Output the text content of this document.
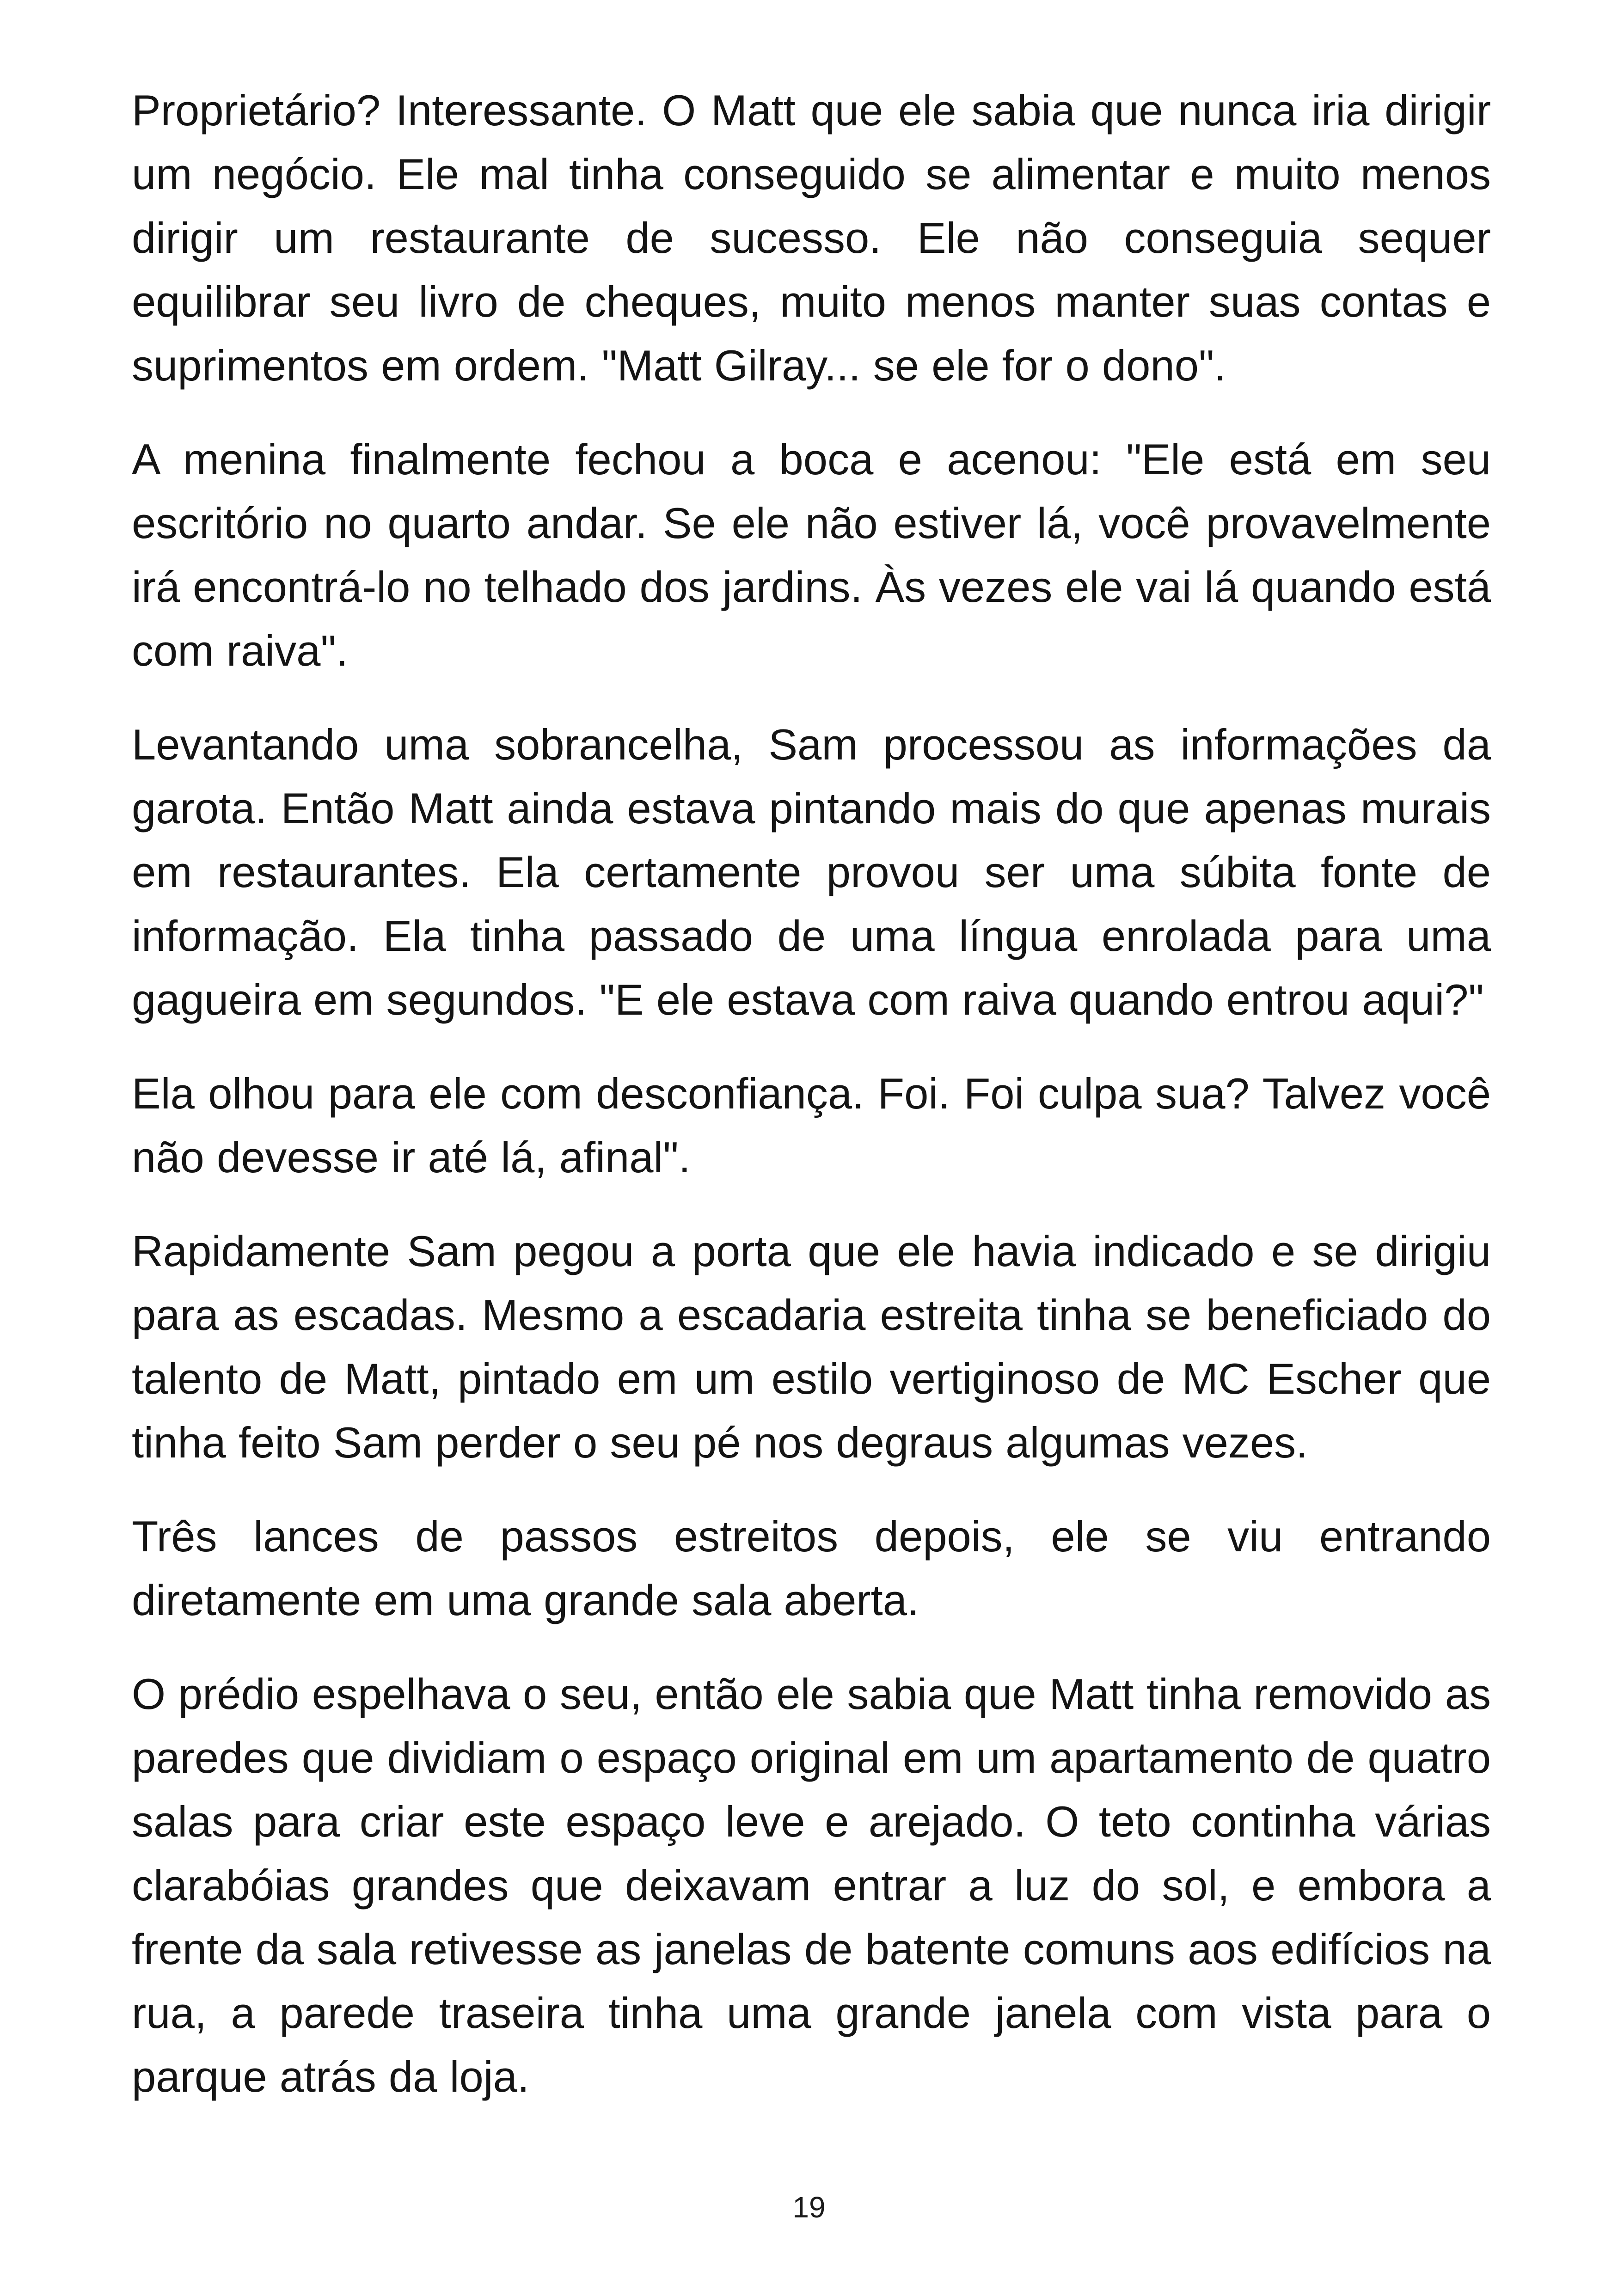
Proprietário? Interessante. O Matt que ele sabia que nunca iria dirigir um negócio. Ele mal tinha conseguido se alimentar e muito menos dirigir um restaurante de sucesso. Ele não conseguia sequer equilibrar seu livro de cheques, muito menos manter suas contas e suprimentos em ordem. "Matt Gilray... se ele for o dono".

A menina finalmente fechou a boca e acenou: "Ele está em seu escritório no quarto andar. Se ele não estiver lá, você provavelmente irá encontrá-lo no telhado dos jardins. Às vezes ele vai lá quando está com raiva".

Levantando uma sobrancelha, Sam processou as informações da garota. Então Matt ainda estava pintando mais do que apenas murais em restaurantes. Ela certamente provou ser uma súbita fonte de informação. Ela tinha passado de uma língua enrolada para uma gagueira em segundos. "E ele estava com raiva quando entrou aqui?"

Ela olhou para ele com desconfiança. Foi. Foi culpa sua? Talvez você não devesse ir até lá, afinal".

Rapidamente Sam pegou a porta que ele havia indicado e se dirigiu para as escadas. Mesmo a escadaria estreita tinha se beneficiado do talento de Matt, pintado em um estilo vertiginoso de MC Escher que tinha feito Sam perder o seu pé nos degraus algumas vezes.

Três lances de passos estreitos depois, ele se viu entrando diretamente em uma grande sala aberta.

O prédio espelhava o seu, então ele sabia que Matt tinha removido as paredes que dividiam o espaço original em um apartamento de quatro salas para criar este espaço leve e arejado. O teto continha várias clarabóias grandes que deixavam entrar a luz do sol, e embora a frente da sala retivesse as janelas de batente comuns aos edifícios na rua, a parede traseira tinha uma grande janela com vista para o parque atrás da loja.

19
